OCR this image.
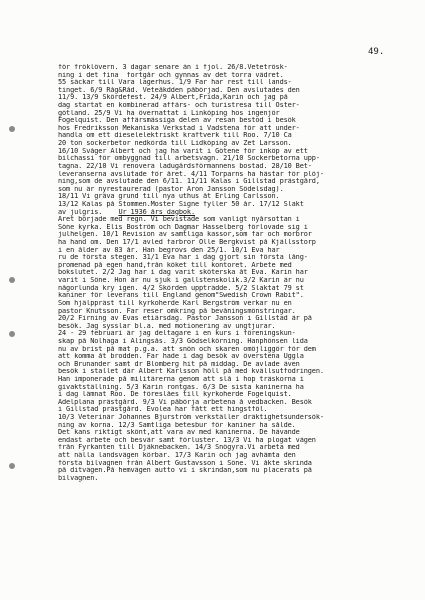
49.
för fröklövern. 3 dagar senare än i fjol. 26/8.Vetetrösk-
ning i det fina  fortgår och gynnas av det torra vädret.
55 säckar till Vara lagerhus. 1/9 Far har rest till lands-
tinget. 6/9 Råg&Råd. Veteåkdden påbörjad. Den avslutades den
11/9. 13/9 Skördefest. 24/9 Albert,Frida,Karin och jag på
dag startat en kombinerad affärs- och turistresa till Öster-
götland. 25/9 Vi ha övernattat i Linköping hos ingenjör
Fogelquist. Den affärsmässiga delen av resan bestod i besök
hos Fredriksson Mekaniska Verkstad i Vadstena för att under-
handla om ett dieselelektriskt kraftverk till Roo. 7/10 Ca
20 ton sockerbetor nedkörda till Lidköping av Zet Larsson.
16/10 Svåger Albert och jag ha varit i Götene för inköp av ett
bilchassi för ombyggnad till arbetsvagn. 21/10 Sockerbetorna upp-
tagna. 22/10 Vi renovera ladugårdsförmannens bostad. 28/10 Bet-
leveranserna avslutade för året. 4/11 Torparns ha hästar för plöj-
ning,som de avslutade den 6/11. 11/11 Kalas i Gillstad prästgård,
som nu är nyrestaurerad (pastor Aron Jansson Södelsdag).
18/11 Vi gräva grund till nya uthus åt Erling Carlsson.
13/12 Kalas på Stommen.Moster Signe fyller 50 år. 17/12 Slakt
av julgris.    Ur 1936 års dagbok.
Året började med regn. Vi bevistade som vanligt nyårsottan i
Söne kyrka. Elis Boström och Dagmar Hasselberg förlovade sig i
julhelgen. 10/1 Revision av samtliga kassor,som far och morbror
ha hand om. Den 17/1 avled farbror Olle Bergkvist på Kjällsstorp
i en ålder av 83 år. Han begrovs den 25/1. 10/1 Eva har
ru de första stegen. 31/1 Eva har i dag gjort sin första lång-
promenad på egen hand,från köket till kontoret. Arbete med
bokslutet. 2/2 Jag har i dag varit sköterska åt Eva. Karin har
varit i Söne. Hon är nu sjuk i gallstenskolik.3/2 Karin är nu
någorlunda kry igen. 4/2 Skörden uppträdde. 5/2 Slaktat 79 st
kaniner för leverans till England genom"Swedish Crown Rabit".
Som hjälppräst till kyrkoherde Karl Bergström verkar nu en
pastor Knutsson. Far reser omkring på bevåningsmönstringar.
20/2 Firning av Evas etiärsdag. Pastor Jansson i Gillstad är på
besök. Jag sysslar bl.a. med motionering av ungtjurar.
24 - 29 februari är jag deltagare i en kurs i föreningskun-
skap på Nolhaga i Alingsås. 3/3 Gödselkörning. Hanphönsen lida
nu av brist på mat p.g.a. att snön och skaren omöjliggör för dem
att komma åt brodden. Far hade i dag besök av överstena Uggla
och Brunander samt dr Blomberg hit på middag. De avlade även
besök i stallet där Albert Karlsson höll på med kvällsutfodringen.
Han imponerade på militärerna genom att slå i hop träskorna i
givaktställning. 5/3 Karin rontgas. 6/3 De sista kaninerna ha
i dag lämnat Roo. De föreslåes till kyrkoherde Fogelquist.
Ädelplana prästgård. 9/3 Vi påbörja arbetena å vedbacken. Besök
i Gillstad prästgård. Evolea har fått ett hingstföl.
10/3 Veterinär Johannes Bjurström verkställer dräktighetsundersök-
ning av korna. 12/3 Samtliga betesbur för kaniner ha sålde.
Det kans riktigt skönt,att vara av med kaninerna. De hävande
endast arbete och besvär samt förluster. 13/3 Vi ha plogat vägen
från Fyrkanten till Djäknebacken. 14/3 Snögyra.Vi arbeta med
att nälla landsvägen körbar. 17/3 Karin och jag avhämta den
första bilvagnen från Albert Gustavsson i Söne. Vi åkte skrinda
på ditvägen.På hemvägen autto vi i skrindan,som nu placerats på
bilvagnen.
